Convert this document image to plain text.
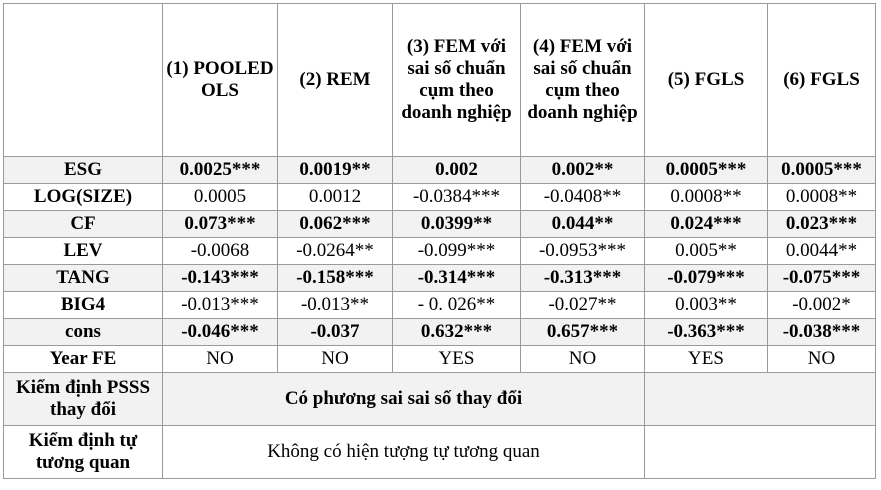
	(1) POOLED OLS	(2) REM	(3) FEM với sai số chuẩn cụm theo doanh nghiệp	(4) FEM với sai số chuẩn cụm theo doanh nghiệp	(5) FGLS	(6) FGLS
ESG	0.0025***	0.0019**	0.002	0.002**	0.0005***	0.0005***
LOG(SIZE)	0.0005	0.0012	-0.0384***	-0.0408**	0.0008**	0.0008**
CF	0.073***	0.062***	0.0399**	0.044**	0.024***	0.023***
LEV	-0.0068	-0.0264**	-0.099***	-0.0953***	0.005**	0.0044**
TANG	-0.143***	-0.158***	-0.314***	-0.313***	-0.079***	-0.075***
BIG4	-0.013***	-0.013**	- 0. 026**	-0.027**	0.003**	-0.002*
cons	-0.046***	-0.037	0.632***	0.657***	-0.363***	-0.038***
Year FE	NO	NO	YES	NO	YES	NO
Kiểm định PSSS thay đổi	Có phương sai sai số thay đổi					
Kiểm định tự tương quan	Không có hiện tượng tự tương quan					
